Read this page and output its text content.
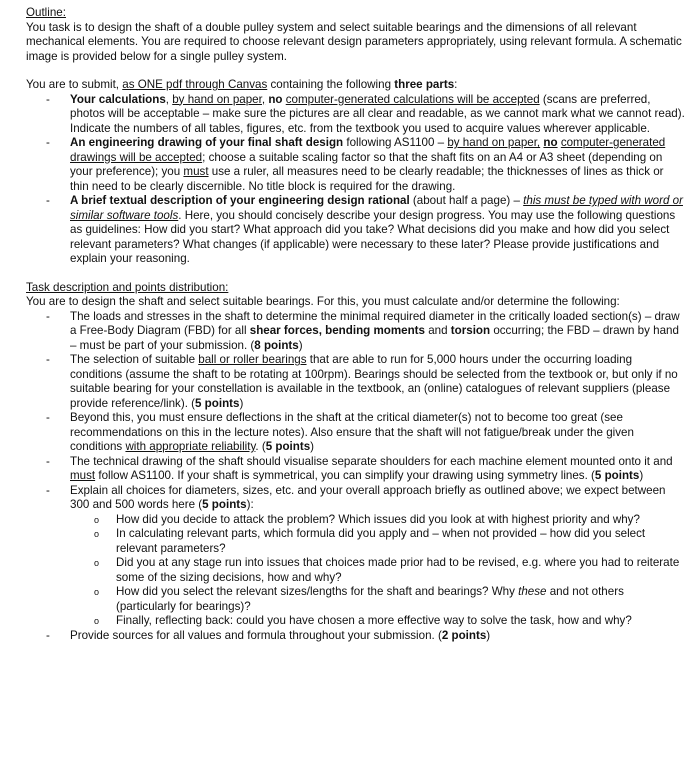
Outline:

You task is to design the shaft of a double pulley system and select suitable bearings and the dimensions of all relevant mechanical elements. You are required to choose relevant design parameters appropriately, using relevant formula. A schematic image is provided below for a single pulley system.

You are to submit, as ONE pdf through Canvas containing the following three parts:

- Your calculations, by hand on paper, no computer-generated calculations will be accepted (scans are preferred, photos will be acceptable – make sure the pictures are all clear and readable, as we cannot mark what we cannot read). Indicate the numbers of all tables, figures, etc. from the textbook you used to acquire values wherever applicable.
- An engineering drawing of your final shaft design following AS1100 – by hand on paper, no computer-generated drawings will be accepted; choose a suitable scaling factor so that the shaft fits on an A4 or A3 sheet (depending on your preference); you must use a ruler, all measures need to be clearly readable; the thicknesses of lines as thick or thin need to be clearly discernible. No title block is required for the drawing.
- A brief textual description of your engineering design rational (about half a page) – this must be typed with word or similar software tools. Here, you should concisely describe your design progress. You may use the following questions as guidelines: How did you start? What approach did you take? What decisions did you make and how did you select relevant parameters? What changes (if applicable) were necessary to these later? Please provide justifications and explain your reasoning.

Task description and points distribution:

You are to design the shaft and select suitable bearings. For this, you must calculate and/or determine the following:

- The loads and stresses in the shaft to determine the minimal required diameter in the critically loaded section(s) – draw a Free-Body Diagram (FBD) for all shear forces, bending moments and torsion occurring; the FBD – drawn by hand – must be part of your submission. (8 points)
- The selection of suitable ball or roller bearings that are able to run for 5,000 hours under the occurring loading conditions (assume the shaft to be rotating at 100rpm). Bearings should be selected from the textbook or, but only if no suitable bearing for your constellation is available in the textbook, an (online) catalogues of relevant suppliers (please provide reference/link). (5 points)
- Beyond this, you must ensure deflections in the shaft at the critical diameter(s) not to become too great (see recommendations on this in the lecture notes). Also ensure that the shaft will not fatigue/break under the given conditions with appropriate reliability. (5 points)
- The technical drawing of the shaft should visualise separate shoulders for each machine element mounted onto it and must follow AS1100. If your shaft is symmetrical, you can simplify your drawing using symmetry lines. (5 points)
- Explain all choices for diameters, sizes, etc. and your overall approach briefly as outlined above; we expect between 300 and 500 words here (5 points):
o How did you decide to attack the problem? Which issues did you look at with highest priority and why?
o In calculating relevant parts, which formula did you apply and – when not provided – how did you select relevant parameters?
o Did you at any stage run into issues that choices made prior had to be revised, e.g. where you had to reiterate some of the sizing decisions, how and why?
o How did you select the relevant sizes/lengths for the shaft and bearings? Why these and not others (particularly for bearings)?
o Finally, reflecting back: could you have chosen a more effective way to solve the task, how and why?
- Provide sources for all values and formula throughout your submission. (2 points)
